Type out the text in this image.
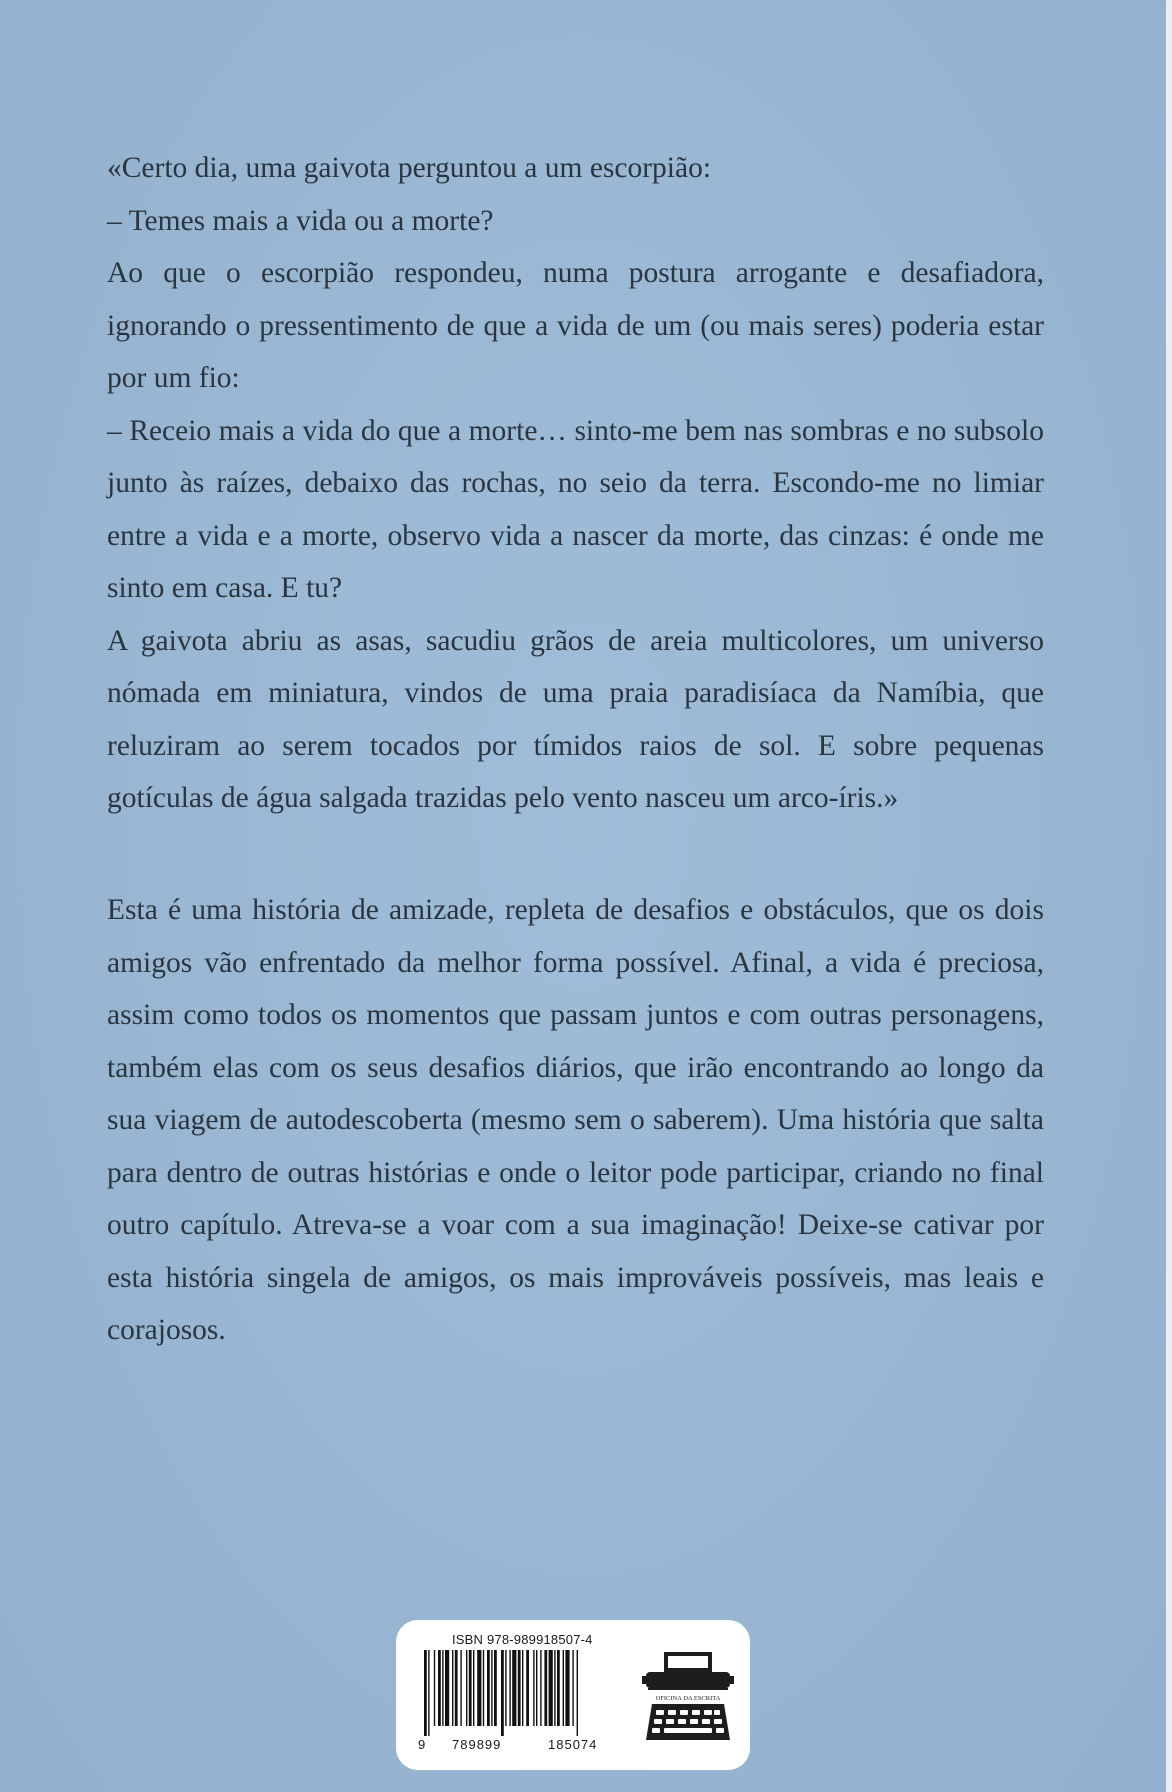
«Certo dia, uma gaivota perguntou a um escorpião:

– Temes mais a vida ou a morte?

Ao que o escorpião respondeu, numa postura arrogante e desafiadora, ignorando o pressentimento de que a vida de um (ou mais seres) poderia estar por um fio:

– Receio mais a vida do que a morte… sinto-me bem nas sombras e no subsolo junto às raízes, debaixo das rochas, no seio da terra. Escondo-me no limiar entre a vida e a morte, observo vida a nascer da morte, das cinzas: é onde me sinto em casa. E tu?

A gaivota abriu as asas, sacudiu grãos de areia multicolores, um universo nómada em miniatura, vindos de uma praia paradisíaca da Namíbia, que reluziram ao serem tocados por tímidos raios de sol. E sobre pequenas gotículas de água salgada trazidas pelo vento nasceu um arco-íris.»

Esta é uma história de amizade, repleta de desafios e obstáculos, que os dois amigos vão enfrentado da melhor forma possível. Afinal, a vida é preciosa, assim como todos os momentos que passam juntos e com outras personagens, também elas com os seus desafios diários, que irão encontrando ao longo da sua viagem de autodescoberta (mesmo sem o saberem). Uma história que salta para dentro de outras histórias e onde o leitor pode participar, criando no final outro capítulo. Atreva-se a voar com a sua imaginação! Deixe-se cativar por esta história singela de amigos, os mais improváveis possíveis, mas leais e corajosos.

ISBN 978-989918507-4
9 789899	185074
OFICINA DA ESCRITA
